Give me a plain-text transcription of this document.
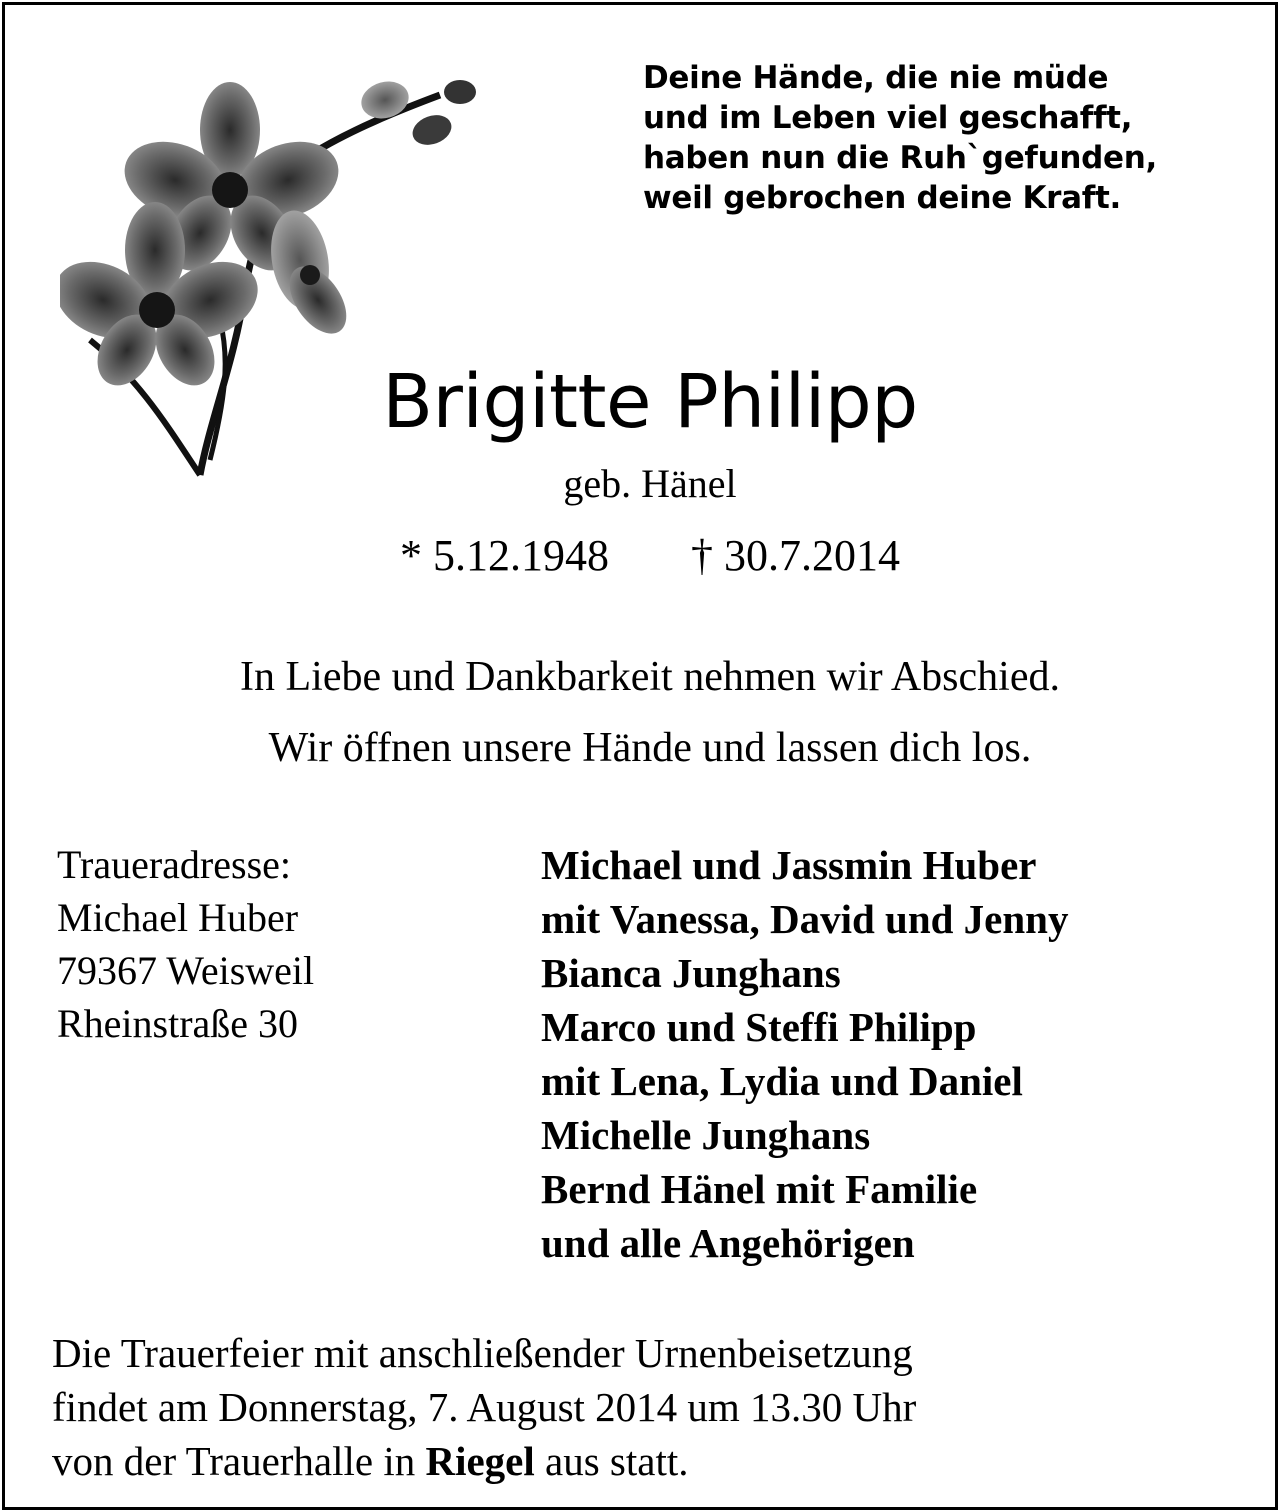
Deine Hände, die nie müde
und im Leben viel geschafft,
haben nun die Ruh`gefunden,
weil gebrochen deine Kraft.
Brigitte Philipp
geb. Hänel
* 5.12.1948 † 30.7.2014
In Liebe und Dankbarkeit nehmen wir Abschied.
Wir öffnen unsere Hände und lassen dich los.
Traueradresse:
Michael Huber
79367 Weisweil
Rheinstraße 30
Michael und Jassmin Huber
mit Vanessa, David und Jenny
Bianca Junghans
Marco und Steffi Philipp
mit Lena, Lydia und Daniel
Michelle Junghans
Bernd Hänel mit Familie
und alle Angehörigen
Die Trauerfeier mit anschließender Urnenbeisetzung
findet am Donnerstag, 7. August 2014 um 13.30 Uhr
von der Trauerhalle in Riegel aus statt.
